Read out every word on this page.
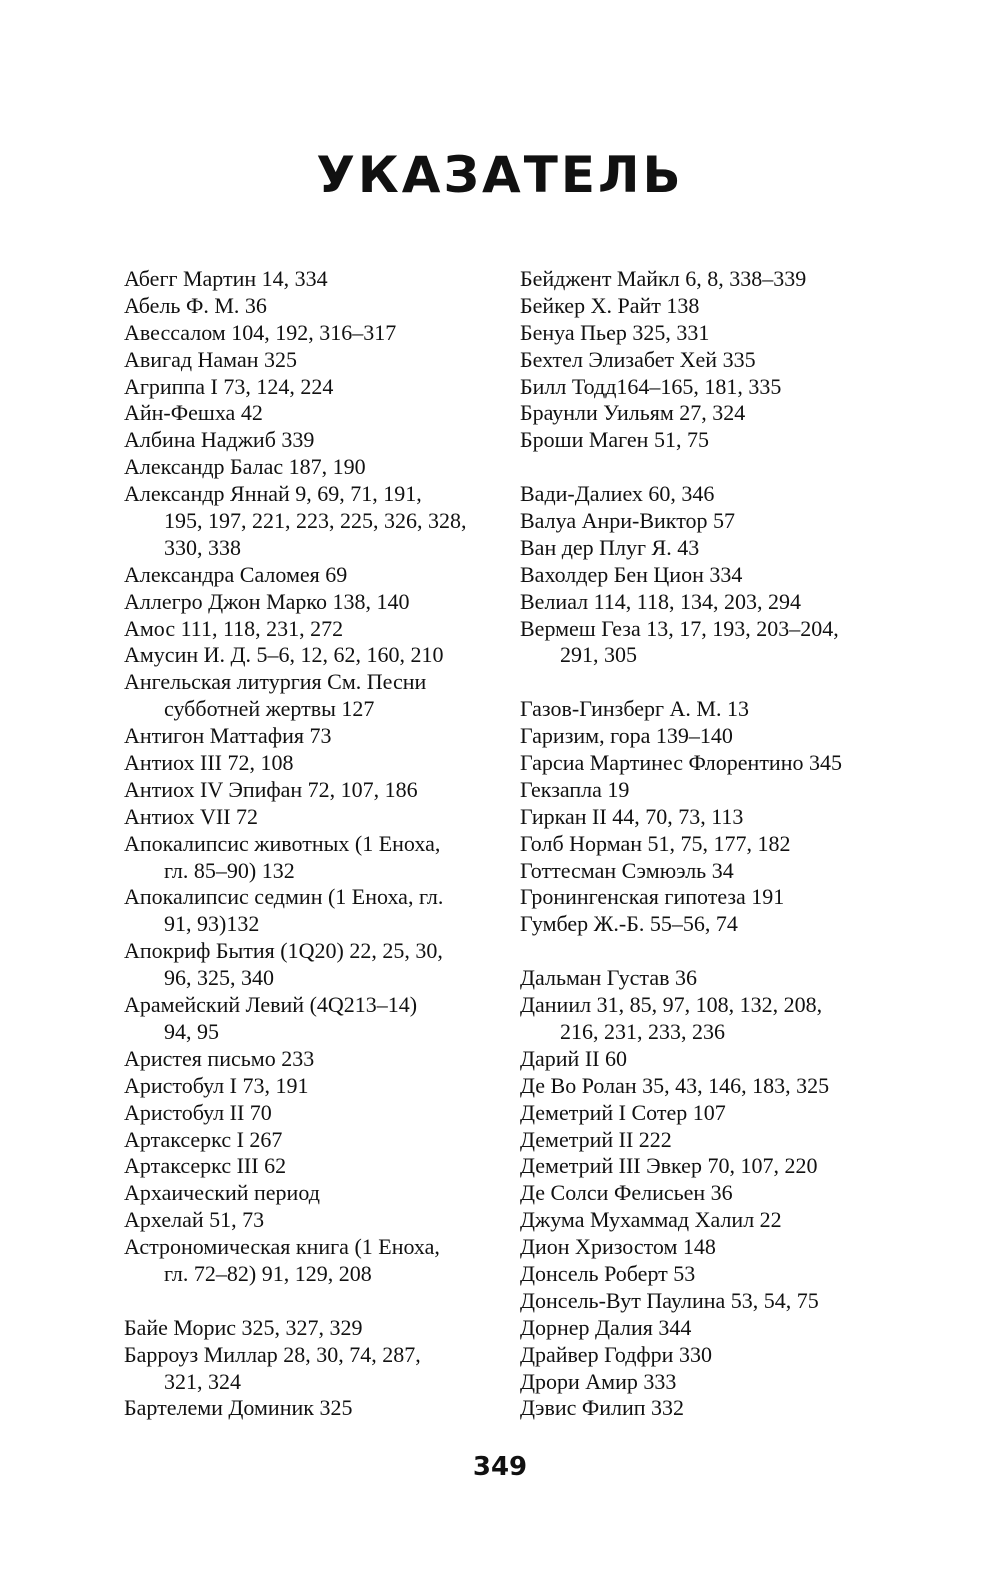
УКАЗАТЕЛЬ
Абегг Мартин 14, 334
Абель Ф. М. 36
Авессалом 104, 192, 316–317
Авигад Наман 325
Агриппа I 73, 124, 224
Айн-Фешха 42
Албина Наджиб 339
Александр Балас 187, 190
Александр Яннай 9, 69, 71, 191,
195, 197, 221, 223, 225, 326, 328,
330, 338
Александра Саломея 69
Аллегро Джон Марко 138, 140
Амос 111, 118, 231, 272
Амусин И. Д. 5–6, 12, 62, 160, 210
Ангельская литургия См. Песни
субботней жертвы 127
Антигон Маттафия 73
Антиох III 72, 108
Антиох IV Эпифан 72, 107, 186
Антиох VII 72
Апокалипсис животных (1 Еноха,
гл. 85–90) 132
Апокалипсис седмин (1 Еноха, гл.
91, 93)132
Апокриф Бытия (1Q20) 22, 25, 30,
96, 325, 340
Арамейский Левий (4Q213–14)
94, 95
Аристея письмо 233
Аристобул I 73, 191
Аристобул II 70
Артаксеркс I 267
Артаксеркс III 62
Архаический период
Архелай 51, 73
Астрономическая книга (1 Еноха,
гл. 72–82) 91, 129, 208
Байе Морис 325, 327, 329
Барроуз Миллар 28, 30, 74, 287,
321, 324
Бартелеми Доминик 325
Бейджент Майкл 6, 8, 338–339
Бейкер Х. Райт 138
Бенуа Пьер 325, 331
Бехтел Элизабет Хей 335
Билл Тодд164–165, 181, 335
Браунли Уильям 27, 324
Броши Маген 51, 75
Вади-Далиех 60, 346
Валуа Анри-Виктор 57
Ван дер Плуг Я. 43
Вахолдер Бен Цион 334
Велиал 114, 118, 134, 203, 294
Вермеш Геза 13, 17, 193, 203–204,
291, 305
Газов-Гинзберг А. М. 13
Гаризим, гора 139–140
Гарсиа Мартинес Флорентино 345
Гекзапла 19
Гиркан II 44, 70, 73, 113
Голб Норман 51, 75, 177, 182
Готтесман Сэмюэль 34
Гронингенская гипотеза 191
Гумбер Ж.-Б. 55–56, 74
Дальман Густав 36
Даниил 31, 85, 97, 108, 132, 208,
216, 231, 233, 236
Дарий II 60
Де Во Ролан 35, 43, 146, 183, 325
Деметрий I Сотер 107
Деметрий II 222
Деметрий III Эвкер 70, 107, 220
Де Солси Фелисьен 36
Джума Мухаммад Халил 22
Дион Хризостом 148
Донсель Роберт 53
Донсель-Вут Паулина 53, 54, 75
Дорнер Далия 344
Драйвер Годфри 330
Дрори Амир 333
Дэвис Филип 332
349
